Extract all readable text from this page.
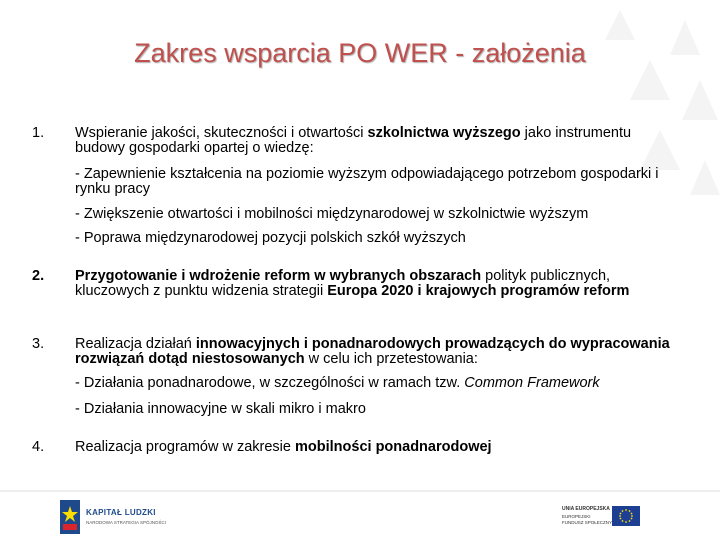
Zakres wsparcia PO WER - założenia
1. Wspieranie jakości, skuteczności i otwartości szkolnictwa wyższego jako instrumentu budowy gospodarki opartej o wiedzę:
- Zapewnienie kształcenia na poziomie wyższym odpowiadającego potrzebom gospodarki i rynku pracy
- Zwiększenie otwartości i mobilności międzynarodowej w szkolnictwie wyższym
- Poprawa międzynarodowej pozycji polskich szkół wyższych
2. Przygotowanie i wdrożenie reform w wybranych obszarach polityk publicznych, kluczowych z punktu widzenia strategii Europa 2020 i krajowych programów reform
3. Realizacja działań innowacyjnych i ponadnarodowych prowadzących do wypracowania rozwiązań dotąd niestosowanych w celu ich przetestowania:
- Działania ponadnarodowe, w szczególności w ramach tzw. Common Framework
- Działania innowacyjne w skali mikro i makro
4. Realizacja programów w zakresie mobilności ponadnarodowej
KAPITAŁ LUDZKI
NARODOWA STRATEGIA SPÓJNOŚCI
UNIA EUROPEJSKA
EUROPEJSKI
FUNDUSZ SPOŁECZNY
